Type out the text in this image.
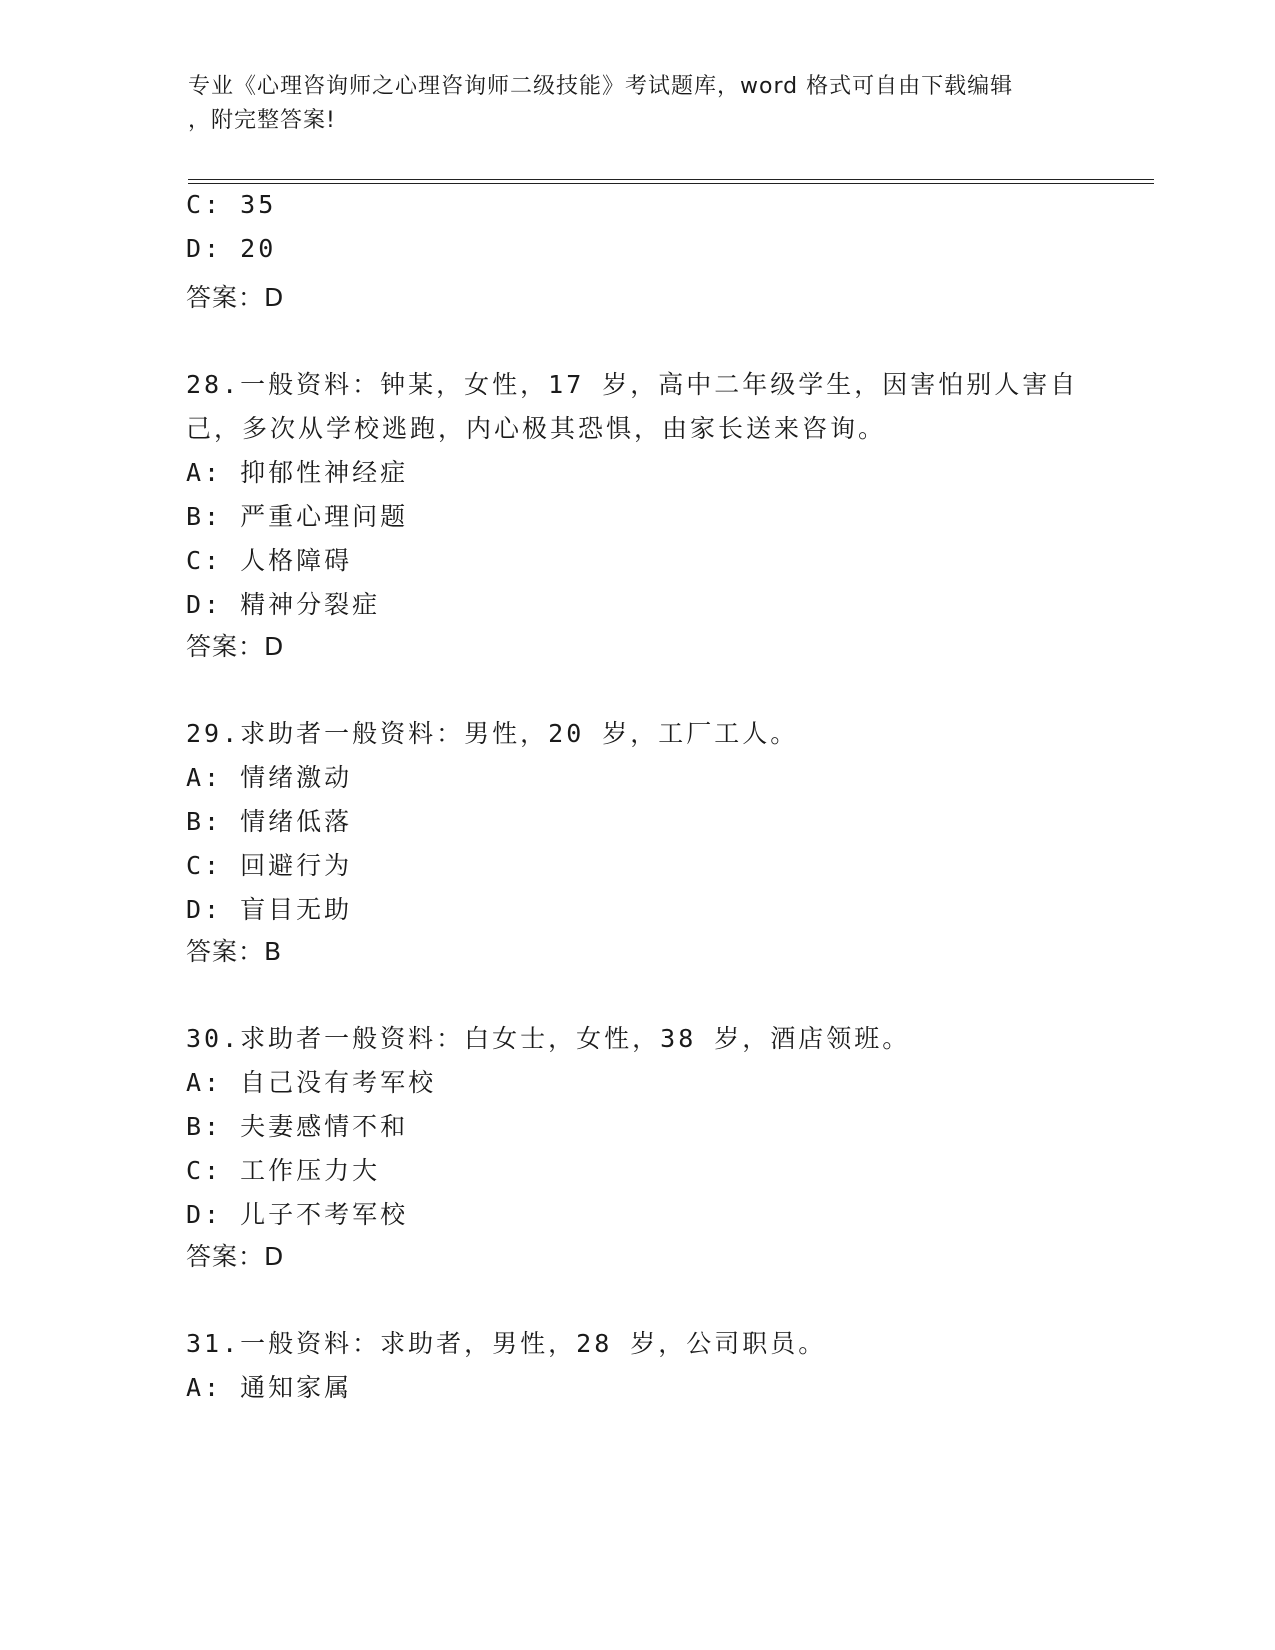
专业《心理咨询师之心理咨询师二级技能》考试题库，word 格式可自由下载编辑
，附完整答案!
C: 35
D: 20
答案：D
28.一般资料：钟某，女性，17 岁，高中二年级学生，因害怕别人害自
己，多次从学校逃跑，内心极其恐惧，由家长送来咨询。
A: 抑郁性神经症
B: 严重心理问题
C: 人格障碍
D: 精神分裂症
答案：D
29.求助者一般资料：男性，20 岁，工厂工人。
A: 情绪激动
B: 情绪低落
C: 回避行为
D: 盲目无助
答案：B
30.求助者一般资料：白女士，女性，38 岁，酒店领班。
A: 自己没有考军校
B: 夫妻感情不和
C: 工作压力大
D: 儿子不考军校
答案：D
31.一般资料：求助者，男性，28 岁，公司职员。
A: 通知家属
